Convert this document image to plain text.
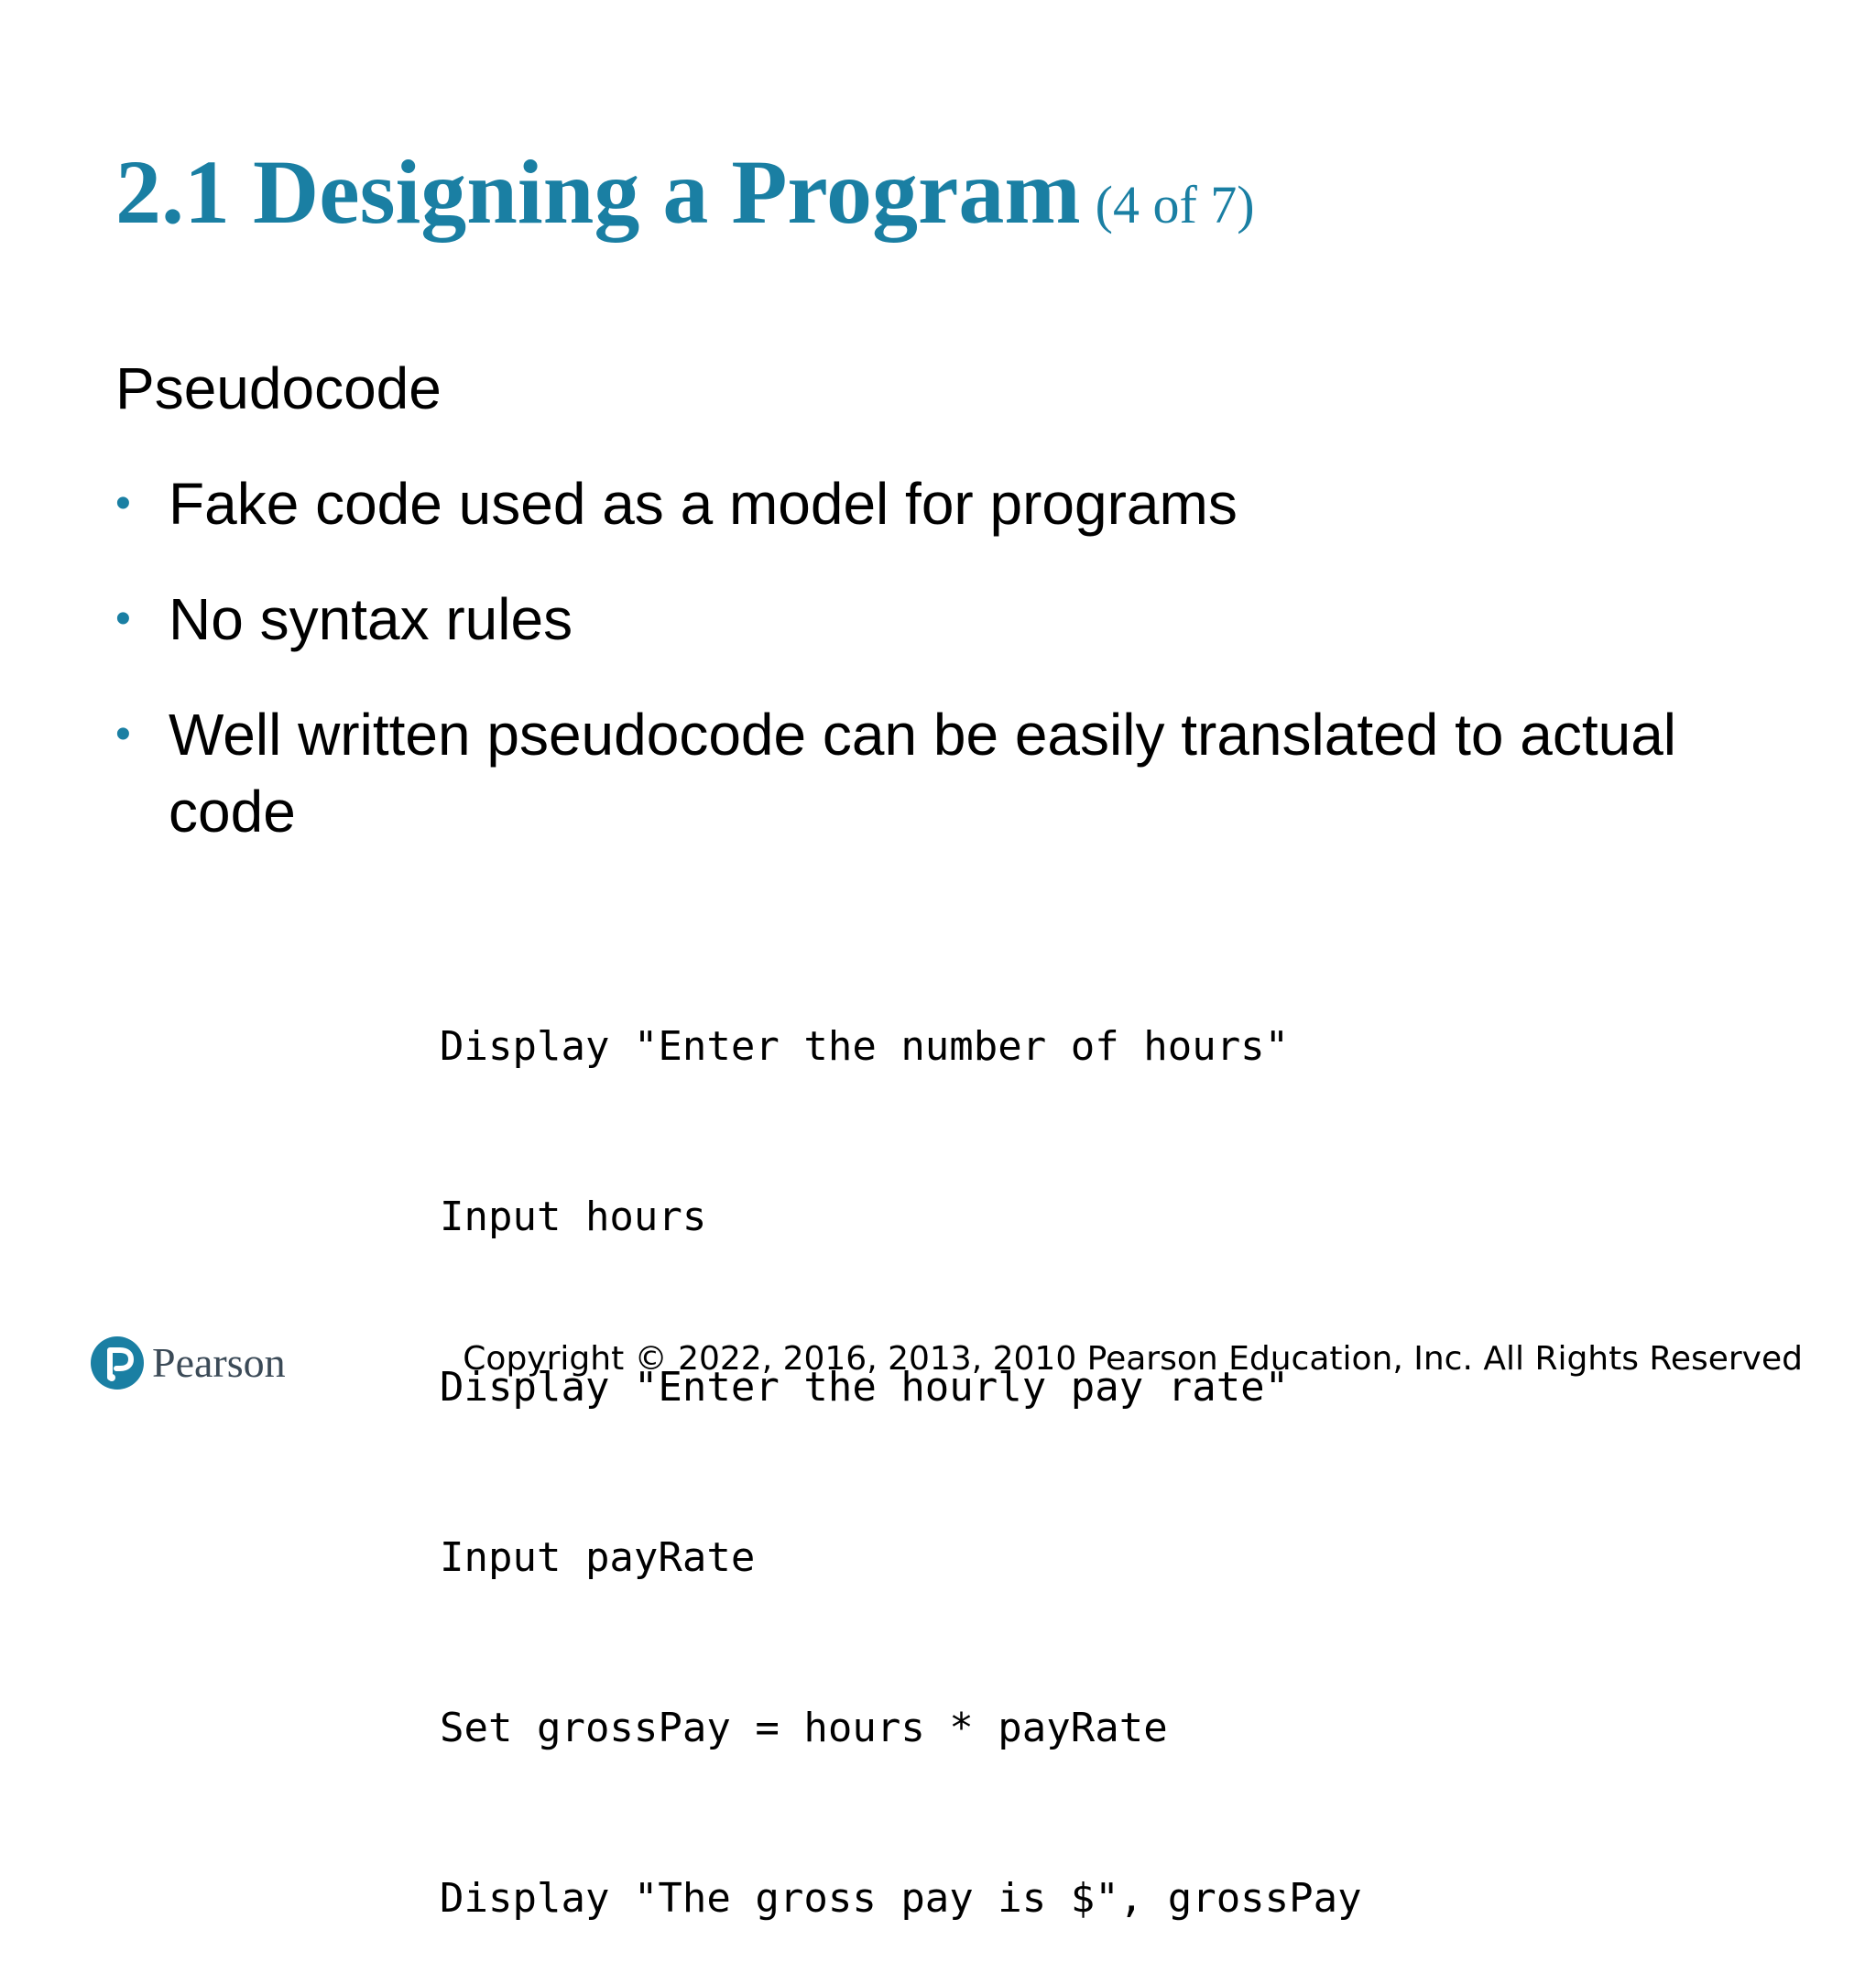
2.1 Designing a Program (4 of 7)
Pseudocode
• Fake code used as a model for programs
• No syntax rules
• Well written pseudocode can be easily translated to actual code

Display "Enter the number of hours"

Input hours

Display "Enter the hourly pay rate"

Input payRate

Set grossPay = hours * payRate

Display "The gross pay is $", grossPay

Pearson	Copyright © 2022, 2016, 2013, 2010 Pearson Education, Inc. All Rights Reserved
